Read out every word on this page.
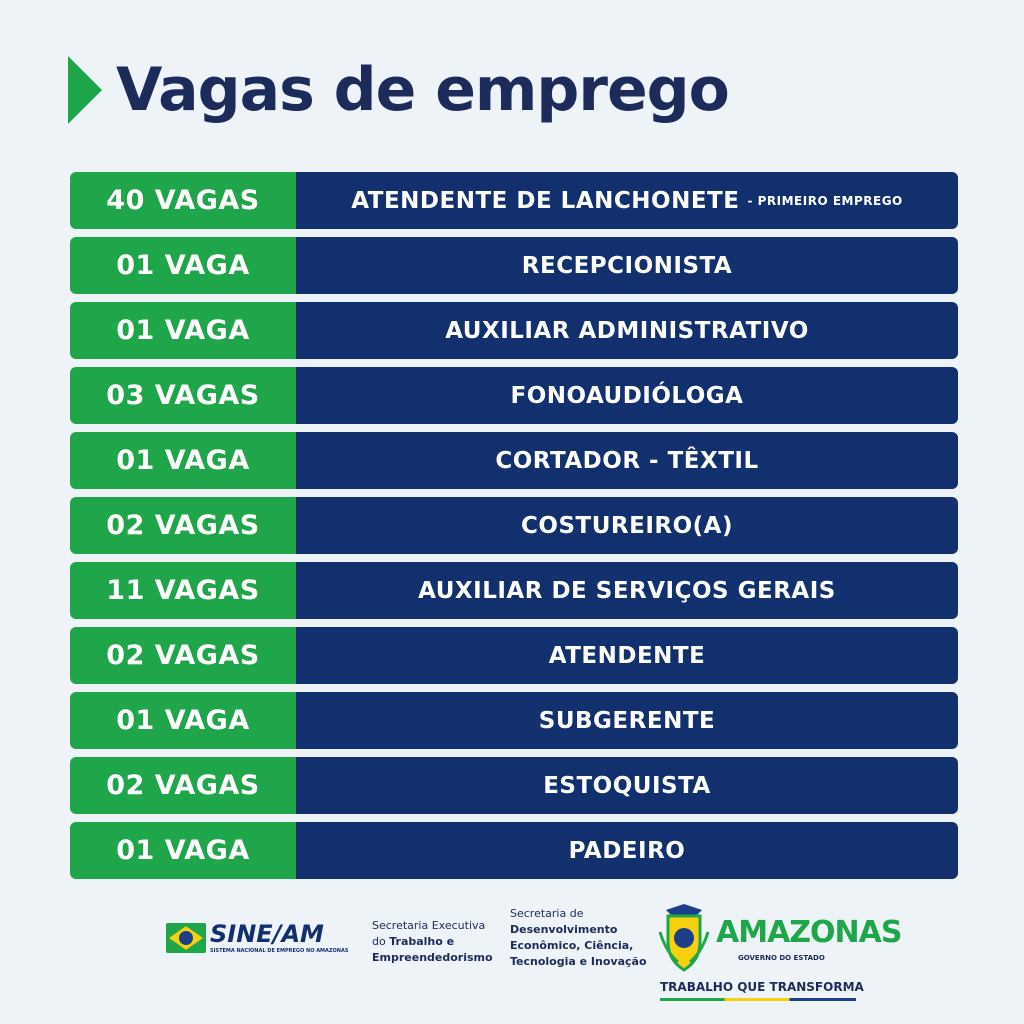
Vagas de emprego
40 VAGAS	ATENDENTE DE LANCHONETE - PRIMEIRO EMPREGO
01 VAGA	RECEPCIONISTA
01 VAGA	AUXILIAR ADMINISTRATIVO
03 VAGAS	FONOAUDIÓLOGA
01 VAGA	CORTADOR - TÊXTIL
02 VAGAS	COSTUREIRO(A)
11 VAGAS	AUXILIAR DE SERVIÇOS GERAIS
02 VAGAS	ATENDENTE
01 VAGA	SUBGERENTE
02 VAGAS	ESTOQUISTA
01 VAGA	PADEIRO
SINE/AM
SISTEMA NACIONAL DE EMPREGO NO AMAZONAS
Secretaria Executiva
do Trabalho e
Empreendedorismo
Secretaria de
Desenvolvimento
Econômico, Ciência,
Tecnologia e Inovação
AMAZONAS
GOVERNO DO ESTADO
TRABALHO QUE TRANSFORMA
